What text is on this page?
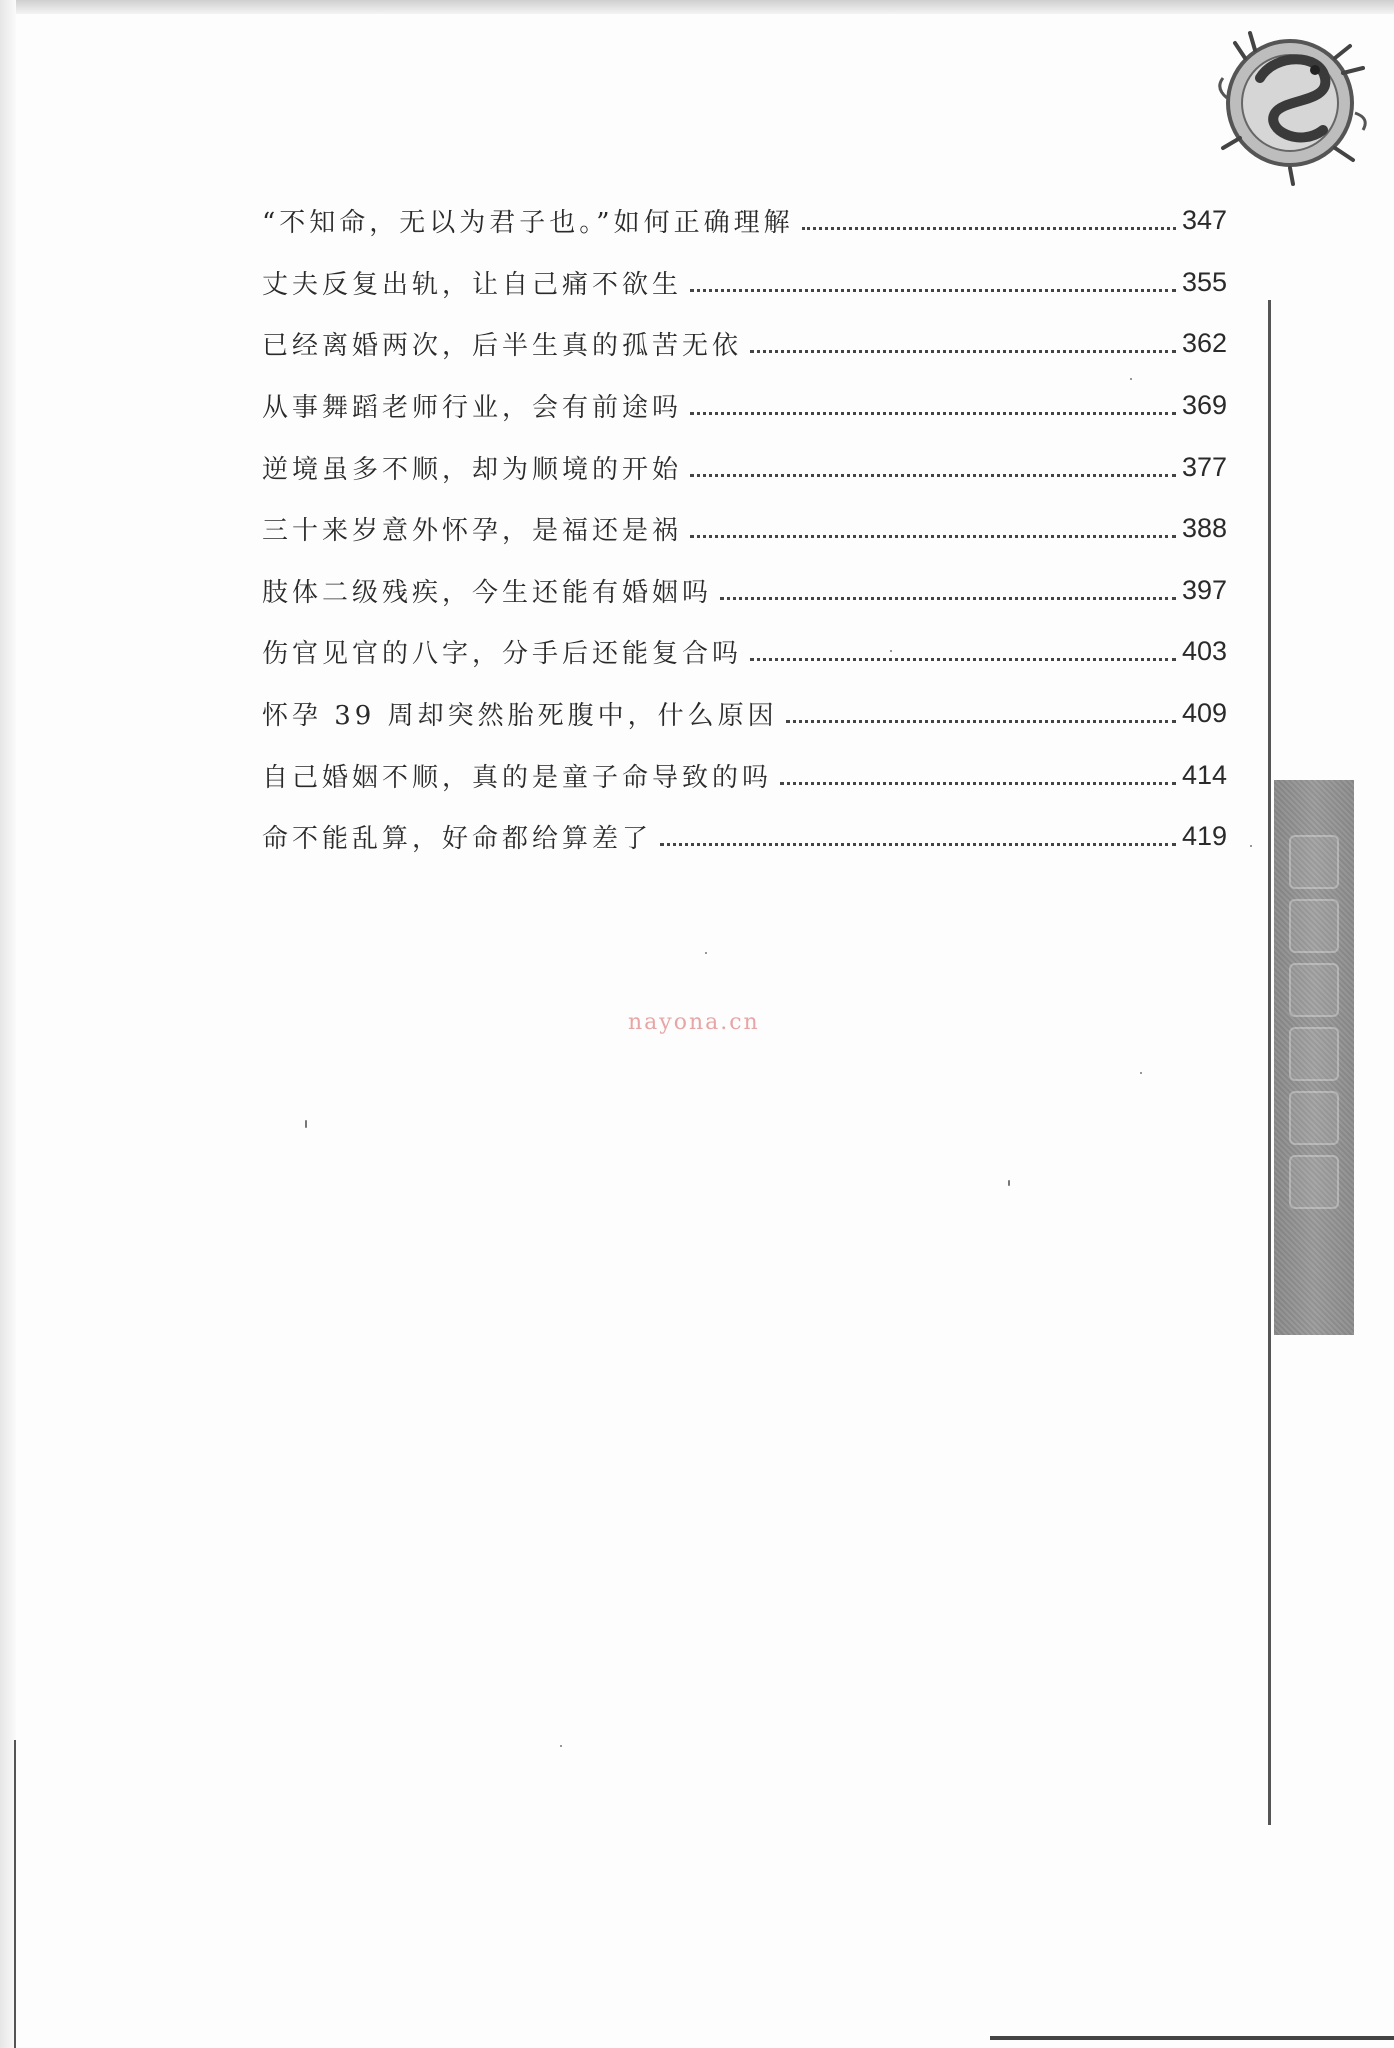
“不知命，无以为君子也。”如何正确理解	347
丈夫反复出轨，让自己痛不欲生	355
已经离婚两次，后半生真的孤苦无依	362
从事舞蹈老师行业，会有前途吗	369
逆境虽多不顺，却为顺境的开始	377
三十来岁意外怀孕，是福还是祸	388
肢体二级残疾，今生还能有婚姻吗	397
伤官见官的八字，分手后还能复合吗	403
怀孕 39 周却突然胎死腹中，什么原因	409
自己婚姻不顺，真的是童子命导致的吗	414
命不能乱算，好命都给算差了	419
nayona.cn
